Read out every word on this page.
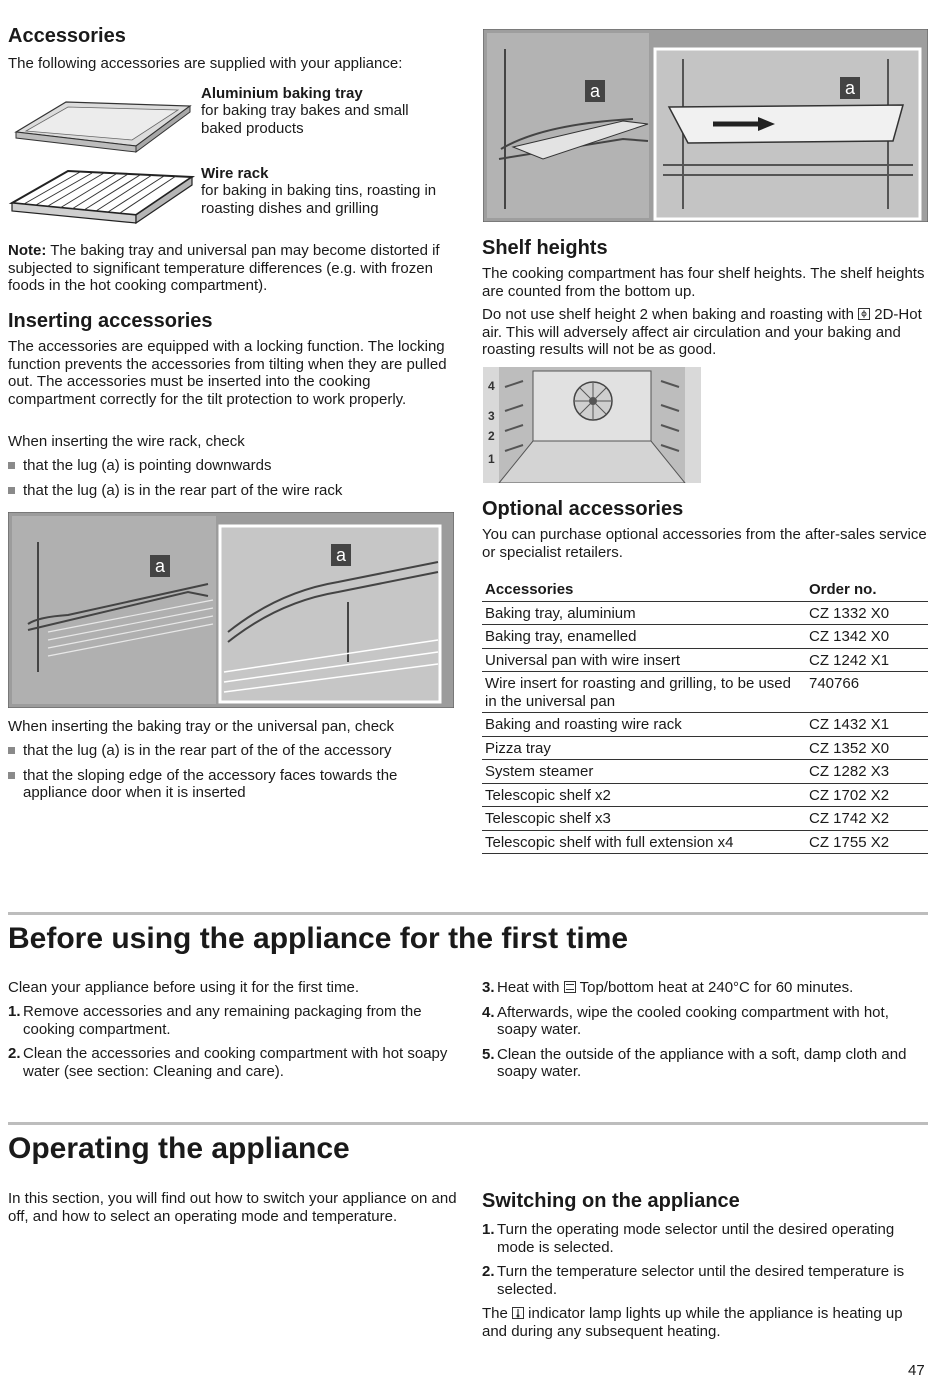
Accessories

The following accessories are supplied with your appliance:

Aluminium baking tray

for baking tray bakes and small baked products

Wire rack

for baking in baking tins, roasting in roasting dishes and grilling

Note: The baking tray and universal pan may become distorted if subjected to significant temperature differences (e.g. with frozen foods in the hot cooking compartment).

Inserting accessories

The accessories are equipped with a locking function. The locking function prevents the accessories from tilting when they are pulled out. The accessories must be inserted into the cooking compartment correctly for the tilt protection to work properly.

When inserting the wire rack, check

that the lug (a) is pointing downwards
that the lug (a) is in the rear part of the wire rack
a
a

When inserting the baking tray or the universal pan, check

that the lug (a) is in the rear part of the of the accessory
that the sloping edge of the accessory faces towards the appliance door when it is inserted
a	a
Shelf heights

The cooking compartment has four shelf heights. The shelf heights are counted from the bottom up.

Do not use shelf height 2 when baking and roasting with
2D-Hot air. This will adversely affect air circulation and your baking and roasting results will not be as good.

4
3
2
1
Optional accessories

You can purchase optional accessories from the after-sales service or specialist retailers.

Accessories	Order no.
Baking tray, aluminium	CZ 1332 X0
Baking tray, enamelled	CZ 1342 X0
Universal pan with wire insert	CZ 1242 X1
Wire insert for roasting and grilling, to be used in the universal pan	740766
Baking and roasting wire rack	CZ 1432 X1
Pizza tray	CZ 1352 X0
System steamer	CZ 1282 X3
Telescopic shelf x2	CZ 1702 X2
Telescopic shelf x3	CZ 1742 X2
Telescopic shelf with full extension x4	CZ 1755 X2
Before using the appliance for the first time

Clean your appliance before using it for the first time.

1. Remove accessories and any remaining packaging from the cooking compartment.
2. Clean the accessories and cooking compartment with hot soapy water (see section: Cleaning and care).
3. Heat with
Top/bottom heat at 240°C for 60 minutes.
4. Afterwards, wipe the cooled cooking compartment with hot, soapy water.
5. Clean the outside of the appliance with a soft, damp cloth and soapy water.
Operating the appliance

In this section, you will find out how to switch your appliance on and off, and how to select an operating mode and temperature.

Switching on the appliance
1. Turn the operating mode selector until the desired operating mode is selected.
2. Turn the temperature selector until the desired temperature is selected.

The
indicator lamp lights up while the appliance is heating up and during any subsequent heating.

47
